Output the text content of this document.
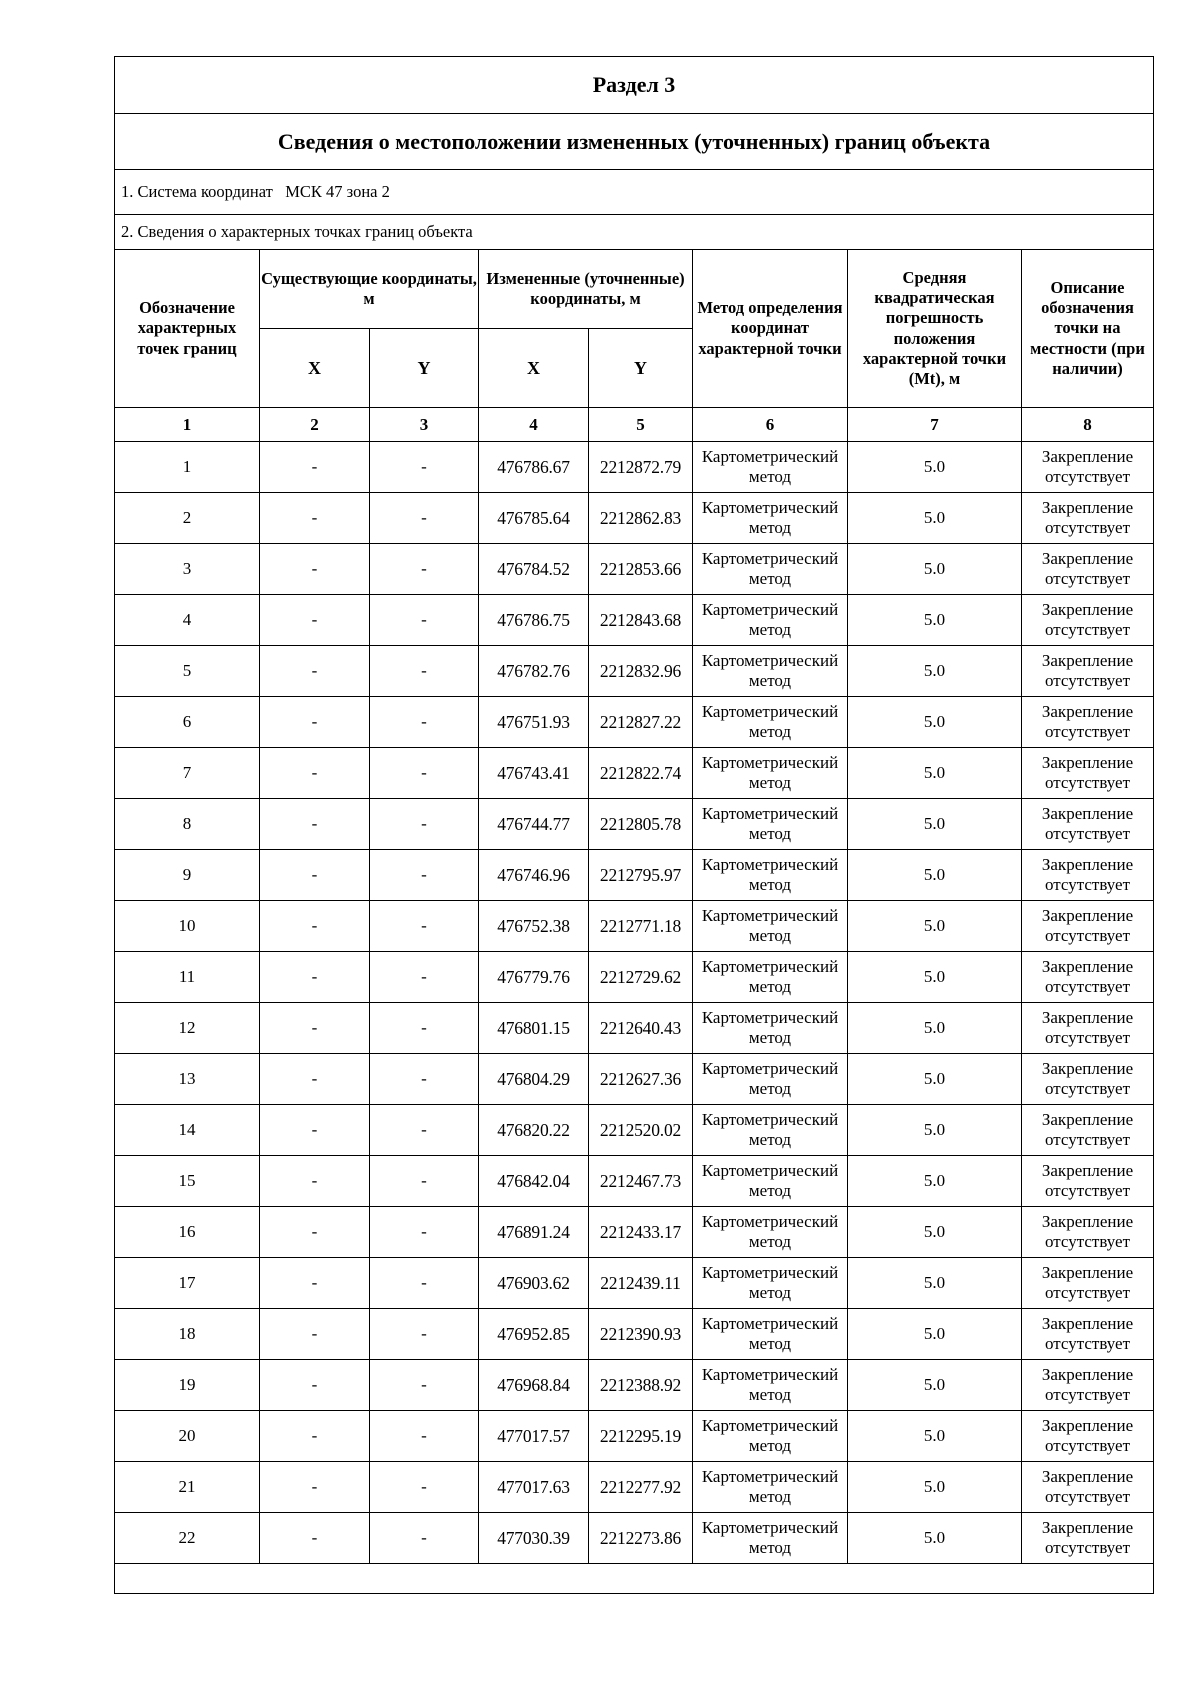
Раздел 3							
Сведения о местоположении измененных (уточненных) границ объекта							
1. Система координат МСК 47 зона 2							
2. Сведения о характерных точках границ объекта							
Обозначение характерных точек границ	Существующие координаты, м		Измененные (уточненные) координаты, м		Метод определения координат характерной точки	Средняя квадратическая погрешность положения характерной точки (Mt), м	Описание обозначения точки на местности (при наличии)
	X	Y	X	Y			
1	2	3	4	5	6	7	8
1	-	-	476786.67	2212872.79	Картометрический метод	5.0	Закрепление отсутствует
2	-	-	476785.64	2212862.83	Картометрический метод	5.0	Закрепление отсутствует
3	-	-	476784.52	2212853.66	Картометрический метод	5.0	Закрепление отсутствует
4	-	-	476786.75	2212843.68	Картометрический метод	5.0	Закрепление отсутствует
5	-	-	476782.76	2212832.96	Картометрический метод	5.0	Закрепление отсутствует
6	-	-	476751.93	2212827.22	Картометрический метод	5.0	Закрепление отсутствует
7	-	-	476743.41	2212822.74	Картометрический метод	5.0	Закрепление отсутствует
8	-	-	476744.77	2212805.78	Картометрический метод	5.0	Закрепление отсутствует
9	-	-	476746.96	2212795.97	Картометрический метод	5.0	Закрепление отсутствует
10	-	-	476752.38	2212771.18	Картометрический метод	5.0	Закрепление отсутствует
11	-	-	476779.76	2212729.62	Картометрический метод	5.0	Закрепление отсутствует
12	-	-	476801.15	2212640.43	Картометрический метод	5.0	Закрепление отсутствует
13	-	-	476804.29	2212627.36	Картометрический метод	5.0	Закрепление отсутствует
14	-	-	476820.22	2212520.02	Картометрический метод	5.0	Закрепление отсутствует
15	-	-	476842.04	2212467.73	Картометрический метод	5.0	Закрепление отсутствует
16	-	-	476891.24	2212433.17	Картометрический метод	5.0	Закрепление отсутствует
17	-	-	476903.62	2212439.11	Картометрический метод	5.0	Закрепление отсутствует
18	-	-	476952.85	2212390.93	Картометрический метод	5.0	Закрепление отсутствует
19	-	-	476968.84	2212388.92	Картометрический метод	5.0	Закрепление отсутствует
20	-	-	477017.57	2212295.19	Картометрический метод	5.0	Закрепление отсутствует
21	-	-	477017.63	2212277.92	Картометрический метод	5.0	Закрепление отсутствует
22	-	-	477030.39	2212273.86	Картометрический метод	5.0	Закрепление отсутствует
